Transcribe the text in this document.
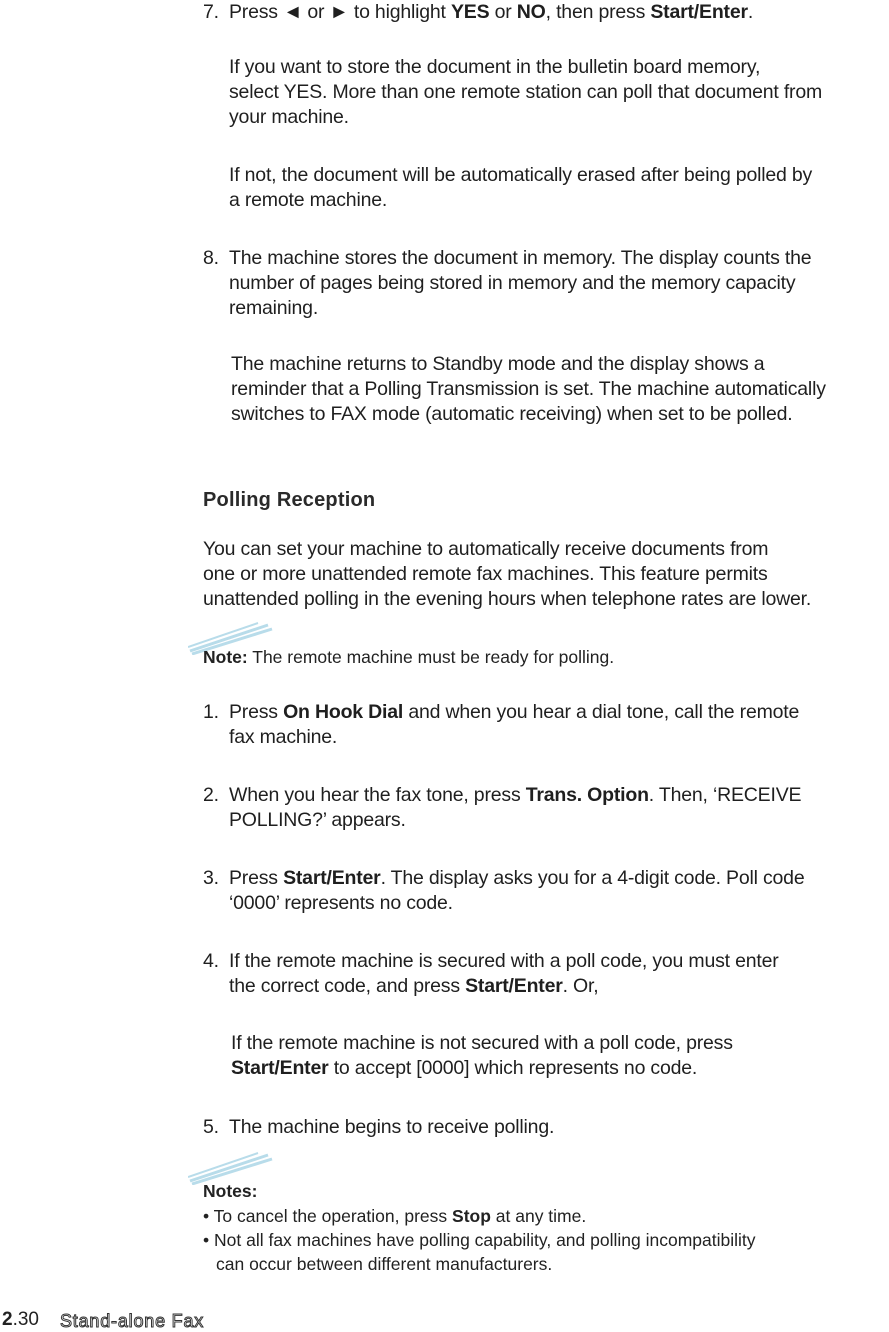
7. Press ◄ or ► to highlight YES or NO, then press Start/Enter.
If you want to store the document in the bulletin board memory,
select YES. More than one remote station can poll that document from
your machine.
If not, the document will be automatically erased after being polled by
a remote machine.
8. The machine stores the document in memory. The display counts the
number of pages being stored in memory and the memory capacity
remaining.
The machine returns to Standby mode and the display shows a
reminder that a Polling Transmission is set. The machine automatically
switches to FAX mode (automatic receiving) when set to be polled.
Polling Reception
You can set your machine to automatically receive documents from
one or more unattended remote fax machines. This feature permits
unattended polling in the evening hours when telephone rates are lower.
Note: The remote machine must be ready for polling.
1. Press On Hook Dial and when you hear a dial tone, call the remote
fax machine.
2. When you hear the fax tone, press Trans. Option. Then, ‘RECEIVE
POLLING?’ appears.
3. Press Start/Enter. The display asks you for a 4-digit code. Poll code
‘0000’ represents no code.
4. If the remote machine is secured with a poll code, you must enter
the correct code, and press Start/Enter. Or,
If the remote machine is not secured with a poll code, press
Start/Enter to accept [0000] which represents no code.
5. The machine begins to receive polling.
Notes:
• To cancel the operation, press Stop at any time.
• Not all fax machines have polling capability, and polling incompatibility
can occur between different manufacturers.
2.30 Stand-alone Fax
